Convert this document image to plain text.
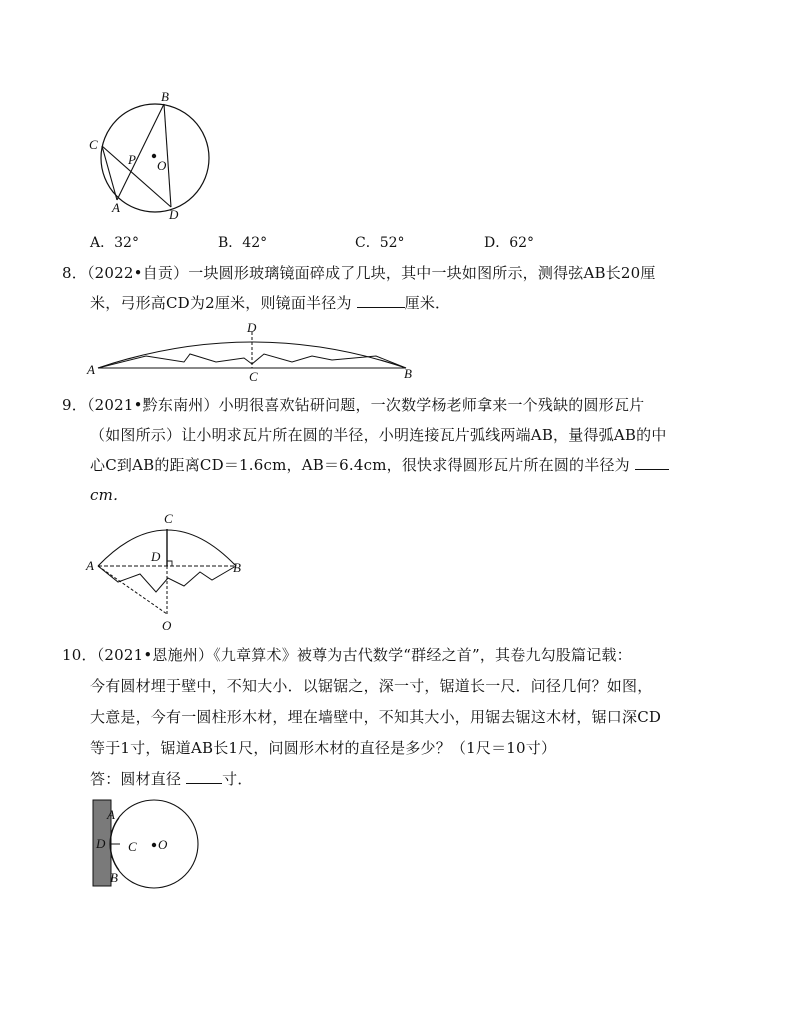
B
C
P O
A	D
A．32°	B．42°	C．52°	D．62°
8．（2022•自贡）一块圆形玻璃镜面碎成了几块，其中一块如图所示，测得弦AB长20厘
米，弓形高CD为2厘米，则镜面半径为	厘米．
D
A	C	B
9．（2021•黔东南州）小明很喜欢钻研问题，一次数学杨老师拿来一个残缺的圆形瓦片
（如图所示）让小明求瓦片所在圆的半径，小明连接瓦片弧线两端AB，量得弧AB的中
心C到AB的距离CD＝1.6cm，AB＝6.4cm，很快求得圆形瓦片所在圆的半径为
cm．
C
D
A	B
O
10．（2021•恩施州）《九章算术》被尊为古代数学“群经之首”，其卷九勾股篇记载：
今有圆材埋于壁中，不知大小．以锯锯之，深一寸，锯道长一尺．问径几何？如图，
大意是，今有一圆柱形木材，埋在墙壁中，不知其大小，用锯去锯这木材，锯口深CD
等于1寸，锯道AB长1尺，问圆形木材的直径是多少？（1尺＝10寸）
答：圆材直径 寸．
A
D C O
B
